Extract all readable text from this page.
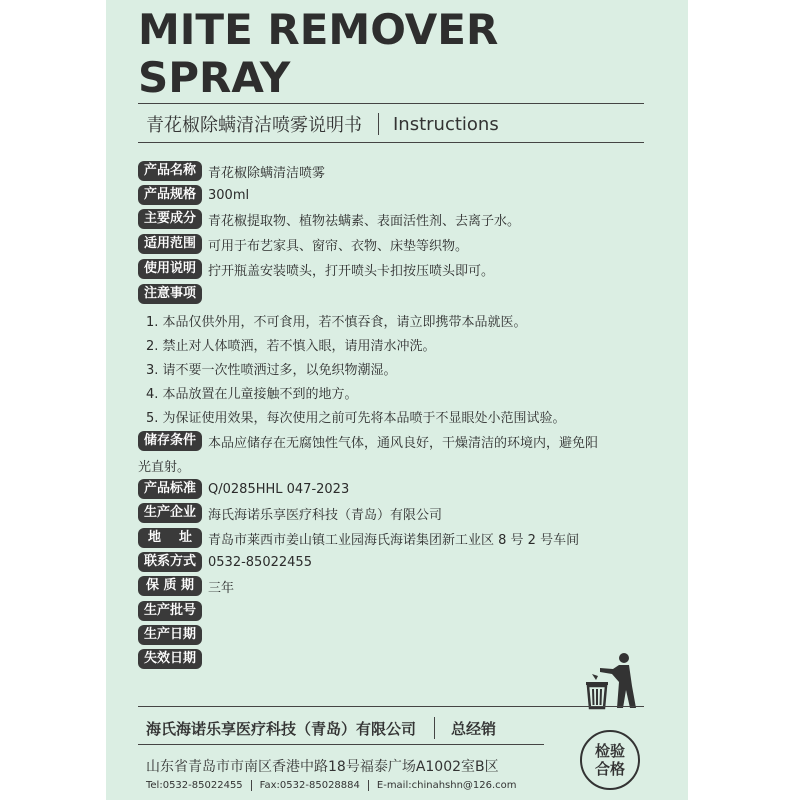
MITE REMOVER
SPRAY
青花椒除螨清洁喷雾说明书 Instructions
产品名称 青花椒除螨清洁喷雾
产品规格 300ml
主要成分 青花椒提取物、植物祛螨素、表面活性剂、去离子水。
适用范围 可用于布艺家具、窗帘、衣物、床垫等织物。
使用说明 拧开瓶盖安装喷头，打开喷头卡扣按压喷头即可。
注意事项
1. 本品仅供外用，不可食用，若不慎吞食，请立即携带本品就医。
2. 禁止对人体喷洒，若不慎入眼，请用清水冲洗。
3. 请不要一次性喷洒过多，以免织物潮湿。
4. 本品放置在儿童接触不到的地方。
5. 为保证使用效果，每次使用之前可先将本品喷于不显眼处小范围试验。
储存条件 本品应储存在无腐蚀性气体，通风良好，干燥清洁的环境内，避免阳
光直射。
产品标准 Q/0285HHL 047-2023
生产企业 海氏海诺乐享医疗科技（青岛）有限公司
地    址	青岛市莱西市姜山镇工业园海氏海诺集团新工业区 8 号 2 号车间
联系方式 0532-85022455
保 质 期	三年
生产批号
生产日期
失效日期
海氏海诺乐享医疗科技（青岛）有限公司 总经销
山东省青岛市市南区香港中路18号福泰广场A1002室B区
Tel:0532-85022455 Fax:0532-85028884 E-mail:chinahshn@126.com
检验
合格
